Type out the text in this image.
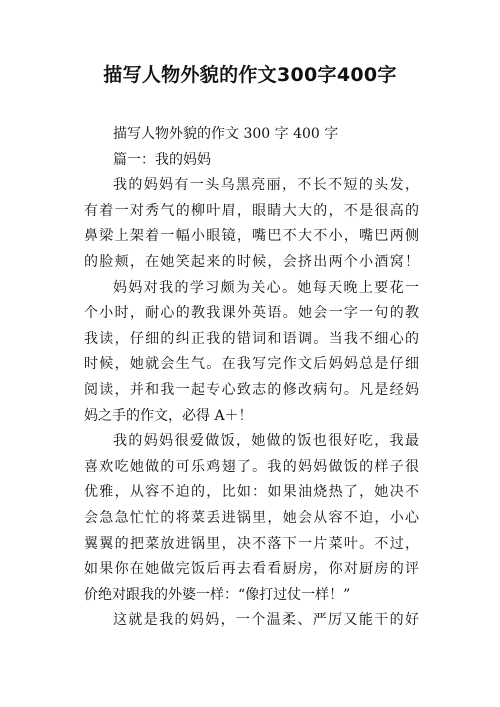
描写人物外貌的作文300字400字
描写人物外貌的作文 300 字 400 字
篇一：我的妈妈
我的妈妈有一头乌黑亮丽，不长不短的头发，
有着一对秀气的柳叶眉，眼睛大大的，不是很高的
鼻梁上架着一幅小眼镜，嘴巴不大不小，嘴巴两侧
的脸颊，在她笑起来的时候，会挤出两个小酒窝！
妈妈对我的学习颇为关心。她每天晚上要花一
个小时，耐心的教我课外英语。她会一字一句的教
我读，仔细的纠正我的错词和语调。当我不细心的
时候，她就会生气。在我写完作文后妈妈总是仔细
阅读，并和我一起专心致志的修改病句。凡是经妈
妈之手的作文，必得 A＋！
我的妈妈很爱做饭，她做的饭也很好吃，我最
喜欢吃她做的可乐鸡翅了。我的妈妈做饭的样子很
优雅，从容不迫的，比如：如果油烧热了，她决不
会急急忙忙的将菜丢进锅里，她会从容不迫，小心
翼翼的把菜放进锅里，决不落下一片菜叶。不过，
如果你在她做完饭后再去看看厨房，你对厨房的评
价绝对跟我的外婆一样：“像打过仗一样！”
这就是我的妈妈，一个温柔、严厉又能干的好
